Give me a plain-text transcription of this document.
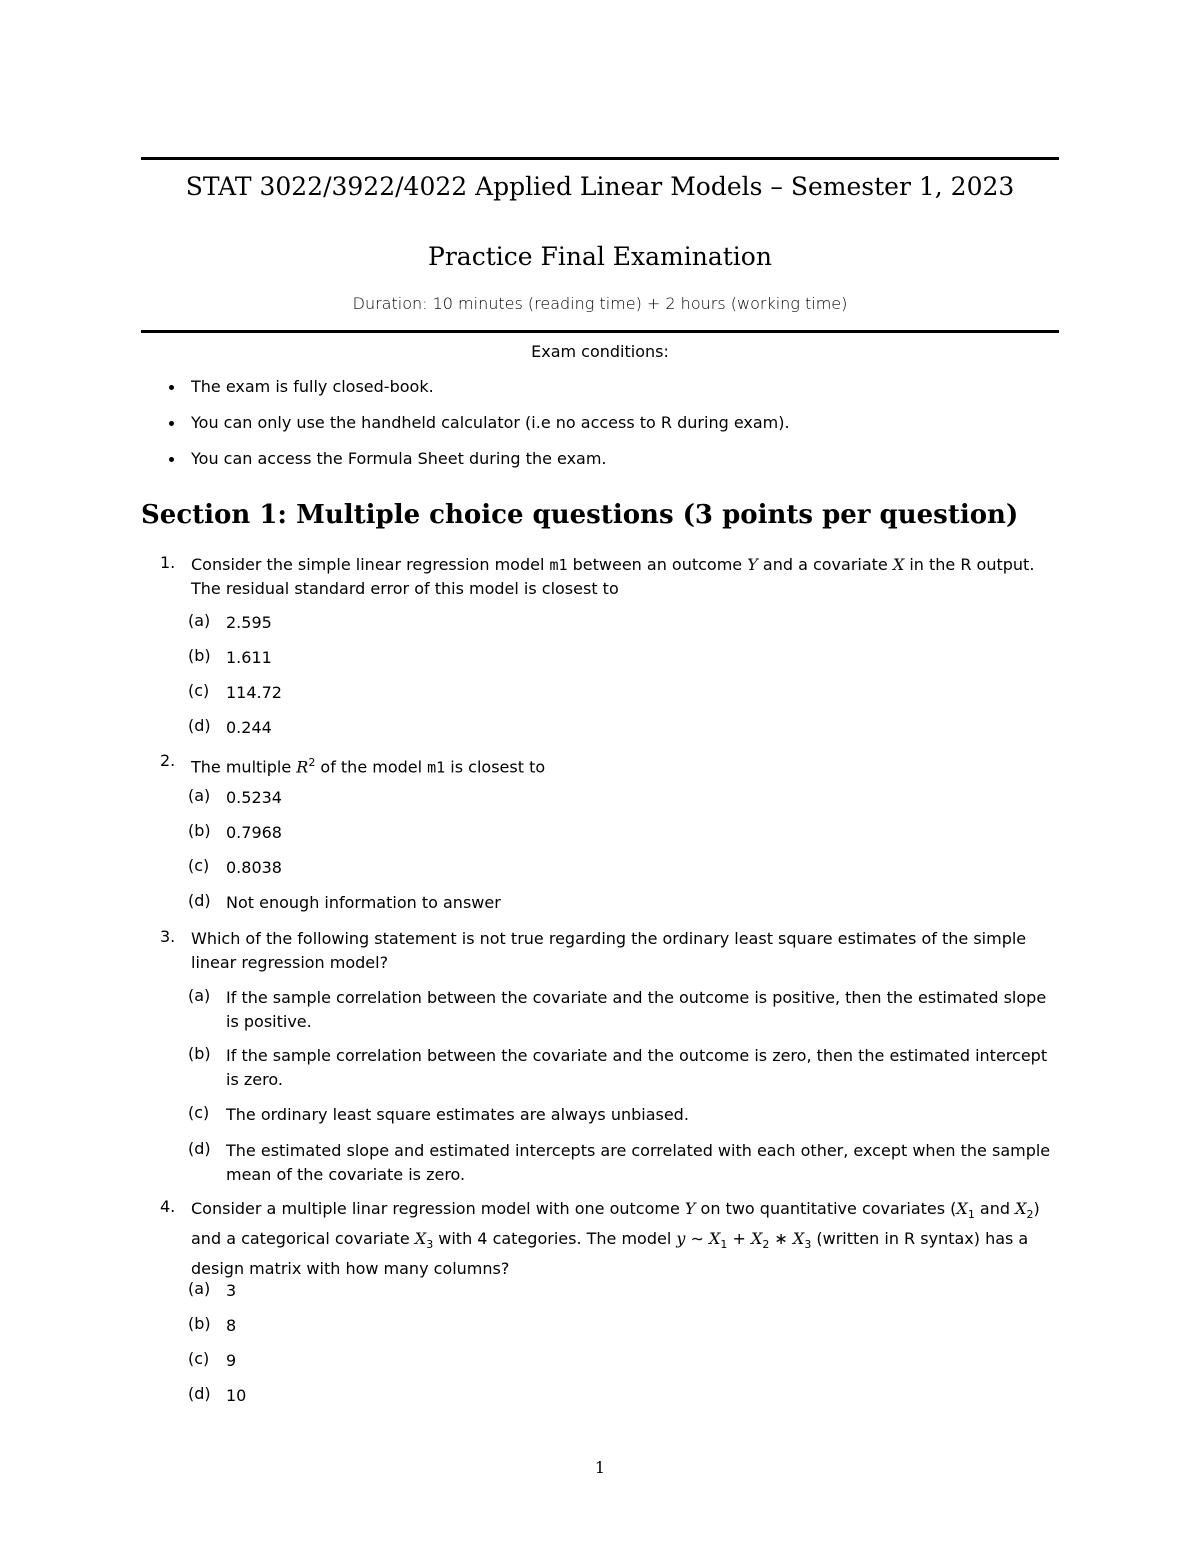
STAT 3022/3922/4022 Applied Linear Models – Semester 1, 2023
Practice Final Examination
Duration: 10 minutes (reading time) + 2 hours (working time)
Exam conditions:
The exam is fully closed-book.
You can only use the handheld calculator (i.e no access to R during exam).
You can access the Formula Sheet during the exam.
Section 1: Multiple choice questions (3 points per question)
1. Consider the simple linear regression model m1 between an outcome Y and a covariate X in the R output. The residual standard error of this model is closest to
(a) 2.595
(b) 1.611
(c) 114.72
(d) 0.244
2. The multiple $R^2$ of the model m1 is closest to
(a) 0.5234
(b) 0.7968
(c) 0.8038
(d) Not enough information to answer
3. Which of the following statement is not true regarding the ordinary least square estimates of the simple linear regression model?
(a) If the sample correlation between the covariate and the outcome is positive, then the estimated slope is positive.
(b) If the sample correlation between the covariate and the outcome is zero, then the estimated intercept is zero.
(c) The ordinary least square estimates are always unbiased.
(d) The estimated slope and estimated intercepts are correlated with each other, except when the sample mean of the covariate is zero.
4. Consider a multiple linar regression model with one outcome Y on two quantitative covariates ($X_1$ and $X_2$) and a categorical covariate $X_3$ with 4 categories. The model y ∼ $X_1 + X_2$ ∗ $X_3$ (written in R syntax) has a design matrix with how many columns?
(a) 3
(b) 8
(c) 9
(d) 10
1
